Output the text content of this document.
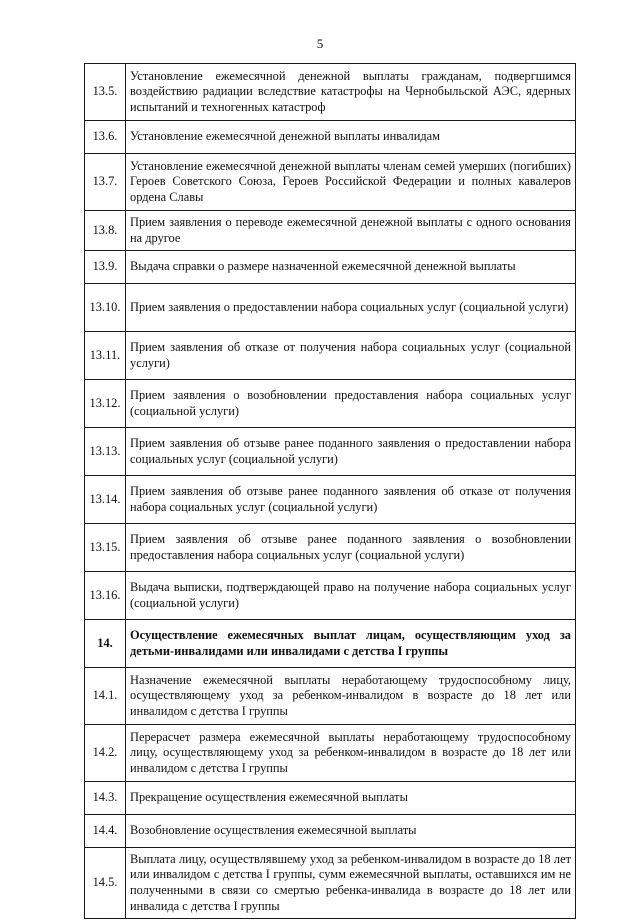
5
13.5.	Установление ежемесячной денежной выплаты гражданам, подвергшимся воздействию радиации вследствие катастрофы на Чернобыльской АЭС, ядерных испытаний и техногенных катастроф
13.6.	Установление ежемесячной денежной выплаты инвалидам
13.7.	Установление ежемесячной денежной выплаты членам семей умерших (погибших) Героев Советского Союза, Героев Российской Федерации и полных кавалеров ордена Славы
13.8.	Прием заявления о переводе ежемесячной денежной выплаты с одного основания на другое
13.9.	Выдача справки о размере назначенной ежемесячной денежной выплаты
13.10.	Прием заявления о предоставлении набора социальных услуг (социальной услуги)
13.11.	Прием заявления об отказе от получения набора социальных услуг (социальной услуги)
13.12.	Прием заявления о возобновлении предоставления набора социальных услуг (социальной услуги)
13.13.	Прием заявления об отзыве ранее поданного заявления о предоставлении набора социальных услуг (социальной услуги)
13.14.	Прием заявления об отзыве ранее поданного заявления об отказе от получения набора социальных услуг (социальной услуги)
13.15.	Прием заявления об отзыве ранее поданного заявления о возобновлении предоставления набора социальных услуг (социальной услуги)
13.16.	Выдача выписки, подтверждающей право на получение набора социальных услуг (социальной услуги)
14.	Осуществление ежемесячных выплат лицам, осуществляющим уход за детьми-инвалидами или инвалидами с детства I группы
14.1.	Назначение ежемесячной выплаты неработающему трудоспособному лицу, осуществляющему уход за ребенком-инвалидом в возрасте до 18 лет или инвалидом с детства I группы
14.2.	Перерасчет размера ежемесячной выплаты неработающему трудоспособному лицу, осуществляющему уход за ребенком-инвалидом в возрасте до 18 лет или инвалидом с детства I группы
14.3.	Прекращение осуществления ежемесячной выплаты
14.4.	Возобновление осуществления ежемесячной выплаты
14.5.	Выплата лицу, осуществлявшему уход за ребенком-инвалидом в возрасте до 18 лет или инвалидом с детства I группы, сумм ежемесячной выплаты, оставшихся им не полученными в связи со смертью ребенка-инвалида в возрасте до 18 лет или инвалида с детства I группы
